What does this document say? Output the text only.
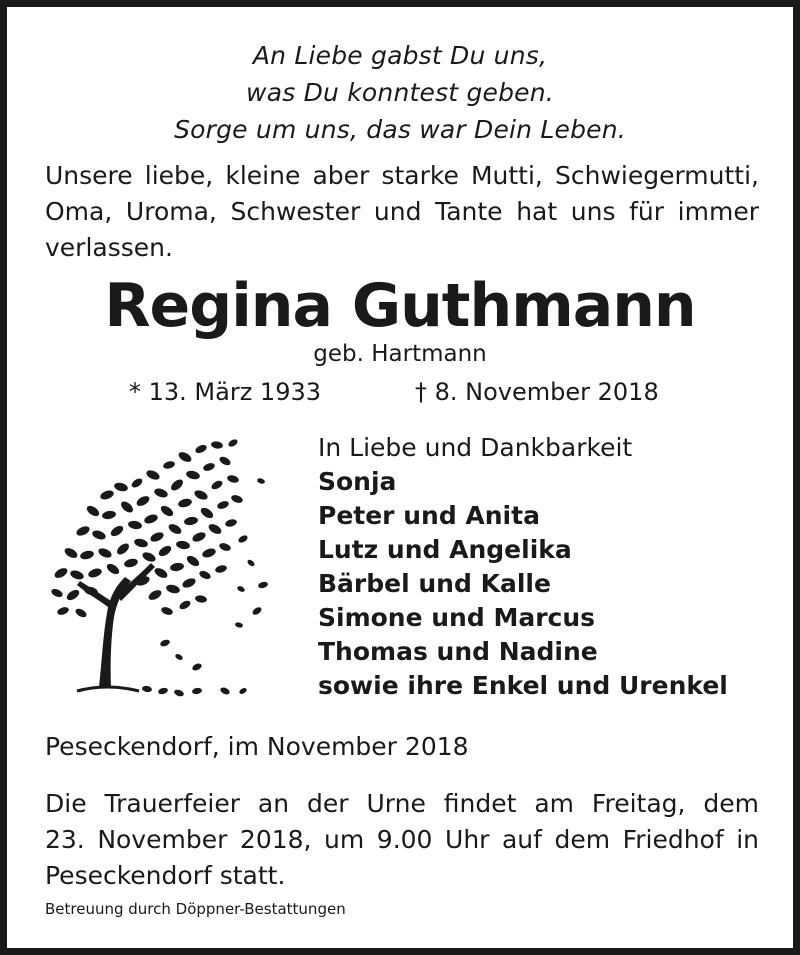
An Liebe gabst Du uns,
was Du konntest geben.
Sorge um uns, das war Dein Leben.
Unsere liebe, kleine aber starke Mutti, Schwiegermutti,
Oma, Uroma, Schwester und Tante hat uns für immer
verlassen.
Regina Guthmann
geb. Hartmann
* 13. März 1933	† 8. November 2018
In Liebe und Dankbarkeit
Sonja
Peter und Anita
Lutz und Angelika
Bärbel und Kalle
Simone und Marcus
Thomas und Nadine
sowie ihre Enkel und Urenkel
Peseckendorf, im November 2018
Die Trauerfeier an der Urne findet am Freitag, dem
23. November 2018, um 9.00 Uhr auf dem Friedhof in
Peseckendorf statt.
Betreuung durch Döppner-Bestattungen
